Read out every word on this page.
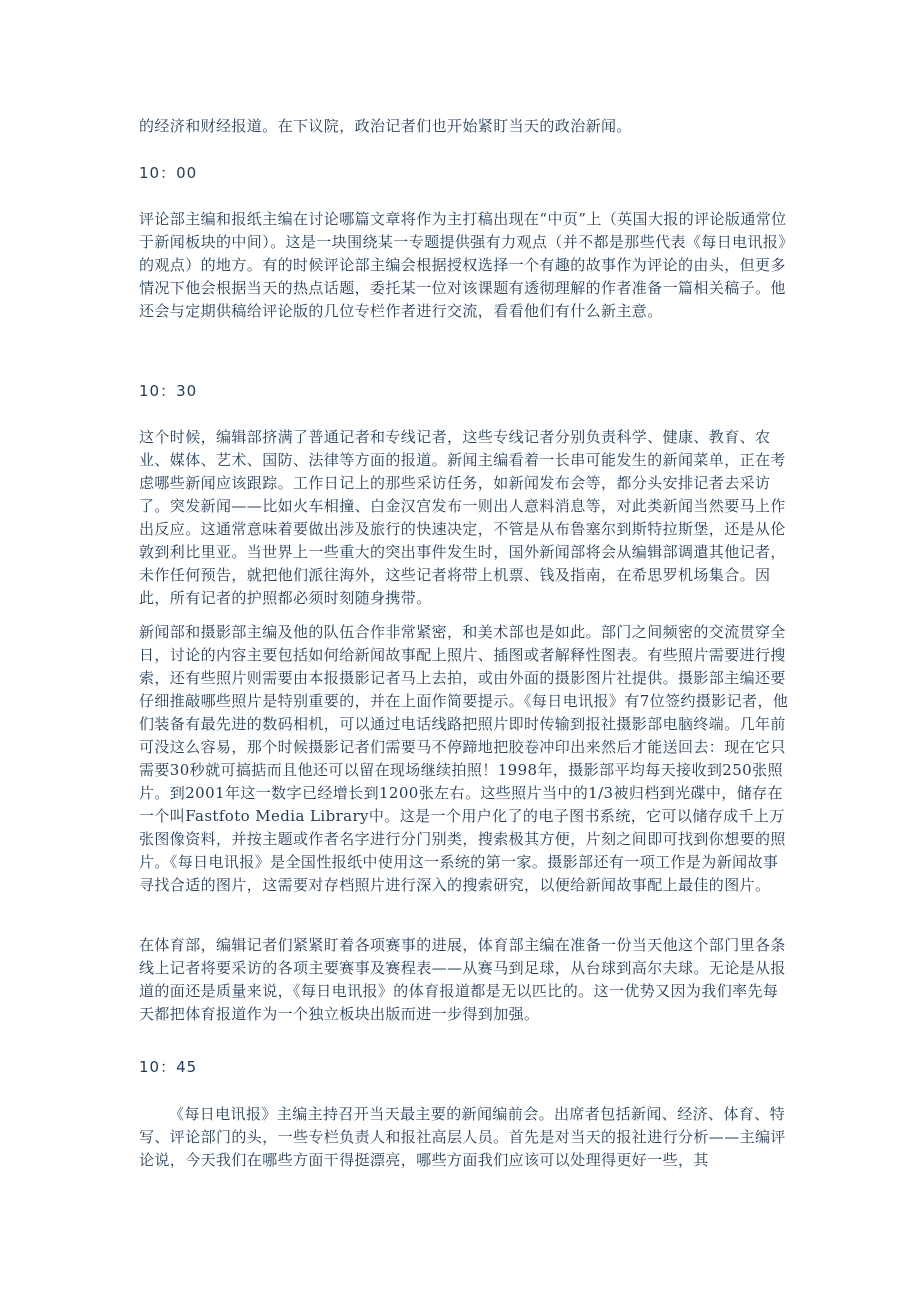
的经济和财经报道。在下议院，政治记者们也开始紧盯当天的政治新闻。

10：00

评论部主编和报纸主编在讨论哪篇文章将作为主打稿出现在“中页”上（英国大报的评论版通常位于新闻板块的中间）。这是一块围绕某一专题提供强有力观点（并不都是那些代表《每日电讯报》的观点）的地方。有的时候评论部主编会根据授权选择一个有趣的故事作为评论的由头，但更多情况下他会根据当天的热点话题，委托某一位对该课题有透彻理解的作者准备一篇相关稿子。他还会与定期供稿给评论版的几位专栏作者进行交流，看看他们有什么新主意。

10：30

这个时候，编辑部挤满了普通记者和专线记者，这些专线记者分别负责科学、健康、教育、农业、媒体、艺术、国防、法律等方面的报道。新闻主编看着一长串可能发生的新闻菜单，正在考虑哪些新闻应该跟踪。工作日记上的那些采访任务，如新闻发布会等，都分头安排记者去采访了。突发新闻——比如火车相撞、白金汉宫发布一则出人意料消息等，对此类新闻当然要马上作出反应。这通常意味着要做出涉及旅行的快速决定，不管是从布鲁塞尔到斯特拉斯堡，还是从伦敦到利比里亚。当世界上一些重大的突出事件发生时，国外新闻部将会从编辑部调遣其他记者，未作任何预告，就把他们派往海外，这些记者将带上机票、钱及指南，在希思罗机场集合。因此，所有记者的护照都必须时刻随身携带。

新闻部和摄影部主编及他的队伍合作非常紧密，和美术部也是如此。部门之间频密的交流贯穿全日，讨论的内容主要包括如何给新闻故事配上照片、插图或者解释性图表。有些照片需要进行搜索，还有些照片则需要由本报摄影记者马上去拍，或由外面的摄影图片社提供。摄影部主编还要仔细推敲哪些照片是特别重要的，并在上面作简要提示。《每日电讯报》有7位签约摄影记者，他们装备有最先进的数码相机，可以通过电话线路把照片即时传输到报社摄影部电脑终端。几年前可没这么容易，那个时候摄影记者们需要马不停蹄地把胶卷冲印出来然后才能送回去：现在它只需要30秒就可搞掂而且他还可以留在现场继续拍照！1998年，摄影部平均每天接收到250张照片。到2001年这一数字已经增长到1200张左右。这些照片当中的1/3被归档到光碟中，储存在一个叫Fastfoto Media Library中。这是一个用户化了的电子图书系统，它可以储存成千上万张图像资料，并按主题或作者名字进行分门别类，搜索极其方便，片刻之间即可找到你想要的照片。《每日电讯报》是全国性报纸中使用这一系统的第一家。摄影部还有一项工作是为新闻故事寻找合适的图片，这需要对存档照片进行深入的搜索研究，以便给新闻故事配上最佳的图片。

在体育部，编辑记者们紧紧盯着各项赛事的进展，体育部主编在准备一份当天他这个部门里各条线上记者将要采访的各项主要赛事及赛程表——从赛马到足球，从台球到高尔夫球。无论是从报道的面还是质量来说，《每日电讯报》的体育报道都是无以匹比的。这一优势又因为我们率先每天都把体育报道作为一个独立板块出版而进一步得到加强。

10：45

《每日电讯报》主编主持召开当天最主要的新闻编前会。出席者包括新闻、经济、体育、特写、评论部门的头，一些专栏负责人和报社高层人员。首先是对当天的报社进行分析——主编评论说，今天我们在哪些方面干得挺漂亮，哪些方面我们应该可以处理得更好一些，其
